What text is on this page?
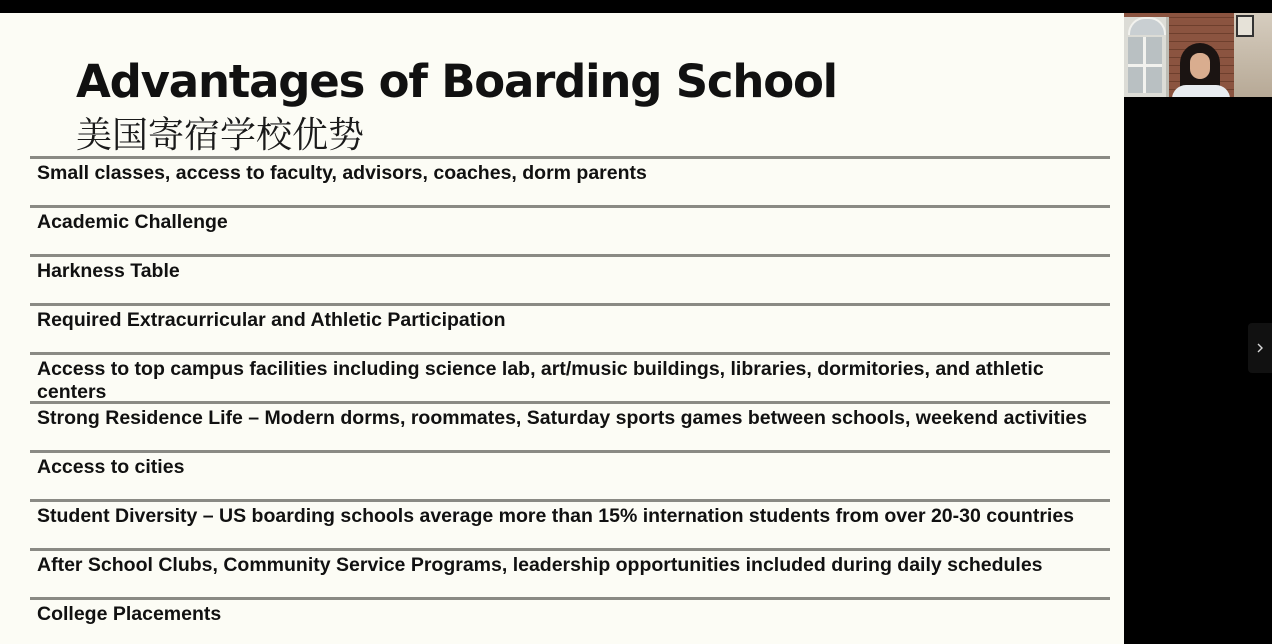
Advantages of Boarding School
美国寄宿学校优势
Small classes, access to faculty, advisors, coaches, dorm parents
Academic Challenge
Harkness Table
Required Extracurricular and Athletic Participation
Access to top campus facilities including science lab, art/music buildings, libraries, dormitories, and athletic centers
Strong Residence Life – Modern dorms, roommates, Saturday sports games between schools, weekend activities
Access to cities
Student Diversity – US boarding schools average more than 15% internation students from over 20-30 countries
After School Clubs, Community Service Programs, leadership opportunities included during daily schedules
College Placements
